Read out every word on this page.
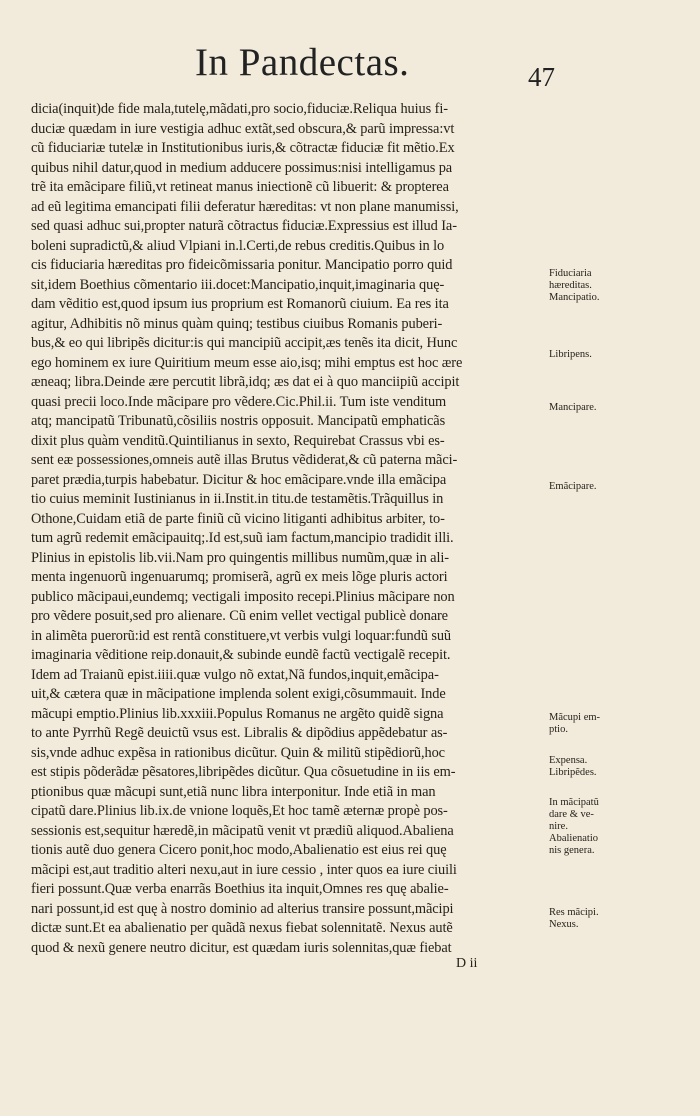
In Pandectas.	47
dicia(inquit)de fide mala,tutelę,mãdati,pro socio,fiduciæ.Reliqua huius fi-
duciæ quædam in iure vestigia adhuc extãt,sed obscura,& parũ impressa:vt
cũ fiduciariæ tutelæ in Institutionibus iuris,& cõtractæ fiduciæ fit mẽtio.Ex
quibus nihil datur,quod in medium adducere possimus:nisi intelligamus pa
trẽ ita emãcipare filiũ,vt retineat manus iniectionẽ cũ libuerit: & propterea
ad eũ legitima emancipati filii deferatur hæreditas: vt non plane manumissi,
sed quasi adhuc sui,propter naturã cõtractus fiduciæ.Expressius est illud Ia-
boleni supradictũ,& aliud Vlpiani in.l.Certi,de rebus creditis.Quibus in lo
cis fiduciaria hæreditas pro fideicõmissaria ponitur. Mancipatio porro quid
sit,idem Boethius cõmentario iii.docet:Mancipatio,inquit,imaginaria quę-
dam vẽditio est,quod ipsum ius proprium est Romanorũ ciuium. Ea res ita
agitur, Adhibitis nõ minus quàm quinq; testibus ciuibus Romanis puberi-
bus,& eo qui libripẽs dicitur:is qui mancipiũ accipit,æs tenẽs ita dicit, Hunc
ego hominem ex iure Quiritium meum esse aio,isq; mihi emptus est hoc ære
æneaq; libra.Deinde ære percutit librã,idq; æs dat ei à quo manciipiũ accipit
quasi precii loco.Inde mãcipare pro vẽdere.Cic.Phil.ii. Tum iste venditum
atq; mancipatũ Tribunatũ,cõsiliis nostris opposuit. Mancipatũ emphaticãs
dixit plus quàm venditũ.Quintilianus in sexto, Requirebat Crassus vbi es-
sent eæ possessiones,omneis autẽ illas Brutus vẽdiderat,& cũ paterna mãci-
paret prædia,turpis habebatur. Dicitur & hoc emãcipare.vnde illa emãcipa
tio cuius meminit Iustinianus in ii.Instit.in titu.de testamẽtis.Trãquillus in
Othone,Cuidam etiã de parte finiũ cũ vicino litiganti adhibitus arbiter, to-
tum agrũ redemit emãcipauitq;.Id est,suũ iam factum,mancipio tradidit illi.
Plinius in epistolis lib.vii.Nam pro quingentis millibus numũm,quæ in ali-
menta ingenuorũ ingenuarumq; promiserã, agrũ ex meis lõge pluris actori
publico mãcipaui,eundemq; vectigali imposito recepi.Plinius mãcipare non
pro vẽdere posuit,sed pro alienare. Cũ enim vellet vectigal publicè donare
in alimẽta puerorũ:id est rentã constituere,vt verbis vulgi loquar:fundũ suũ
imaginaria vẽditione reip.donauit,& subinde eundẽ factũ vectigalẽ recepit.
Idem ad Traianũ epist.iiii.quæ vulgo nõ extat,Nã fundos,inquit,emãcipa-
uit,& cætera quæ in mãcipatione implenda solent exigi,cõsummauit. Inde
mãcupi emptio.Plinius lib.xxxiii.Populus Romanus ne argẽto quidẽ signa
to ante Pyrrhũ Regẽ deuictũ vsus est. Libralis & dipõdius appẽdebatur as-
sis,vnde adhuc expẽsa in rationibus dicũtur. Quin & militũ stipẽdiorũ,hoc
est stipis põderãdæ pẽsatores,libripẽdes dicũtur. Qua cõsuetudine in iis em-
ptionibus quæ mãcupi sunt,etiã nunc libra interponitur. Inde etiã in man
cipatũ dare.Plinius lib.ix.de vnione loquẽs,Et hoc tamẽ æternæ propè pos-
sessionis est,sequitur hæredẽ,in mãcipatũ venit vt prædiũ aliquod.Abaliena
tionis autẽ duo genera Cicero ponit,hoc modo,Abalienatio est eius rei quę
mãcipi est,aut traditio alteri nexu,aut in iure cessio , inter quos ea iure ciuili
fieri possunt.Quæ verba enarrãs Boethius ita inquit,Omnes res quę abalie-
nari possunt,id est quę à nostro dominio ad alterius transire possunt,mãcipi
dictæ sunt.Et ea abalienatio per quãdã nexus fiebat solennitatẽ. Nexus autẽ
quod & nexũ genere neutro dicitur, est quædam iuris solennitas,quæ fiebat
D ii
Fiduciaria
hæreditas.
Mancipatio.
Libripens.
Mancipare.
Emãcipare.
Mãcupi em-
ptio.
Expensa.
Libripẽdes.
In mãcipatũ
dare & ve-
nire.
Abalienatio
nis genera.
Res mãcipi.
Nexus.
